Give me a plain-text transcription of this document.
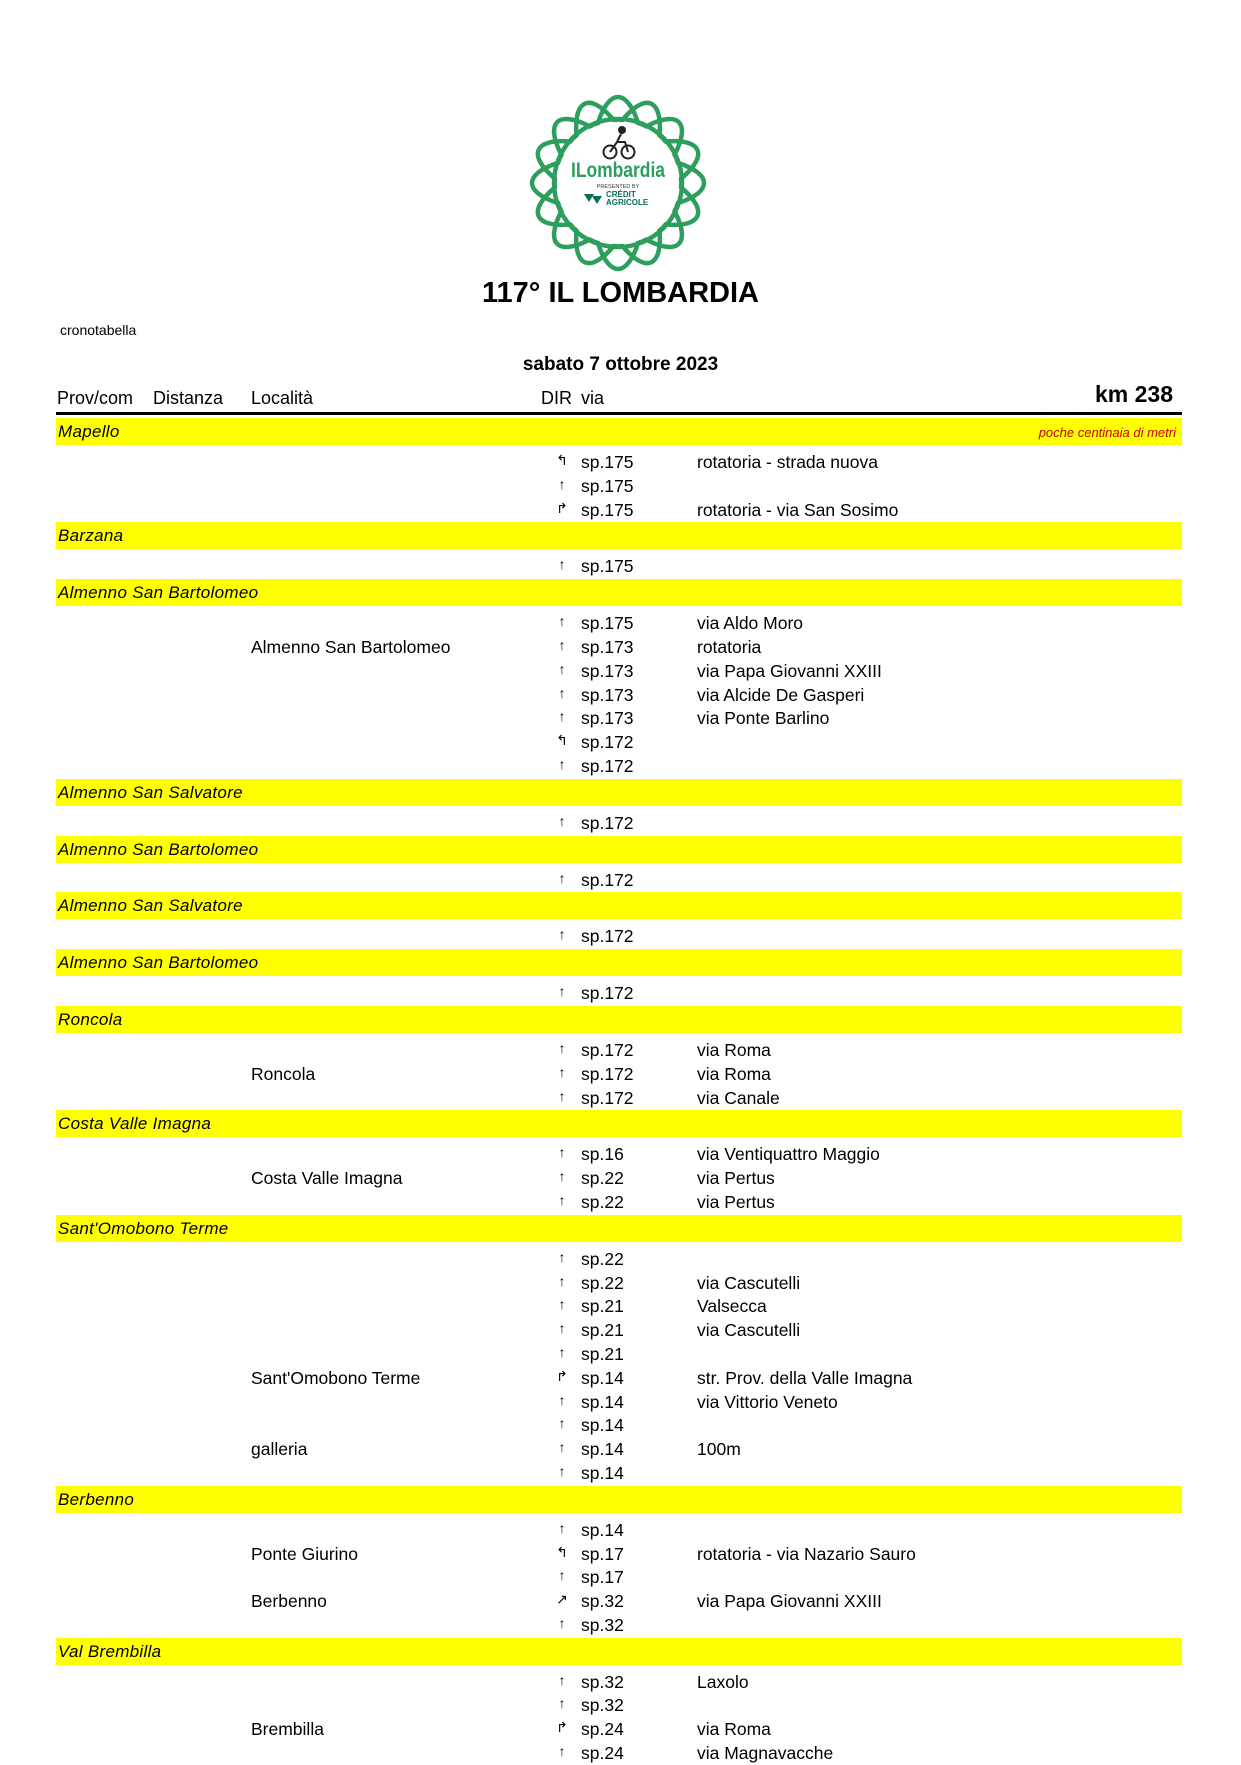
ILombardia
PRESENTED BY
CRÉDIT
AGRICOLE
117° IL LOMBARDIA
cronotabella
sabato 7 ottobre 2023
Prov/com Distanza Località	DIR via	km 238
Mapello	poche centinaia di metri
↰ sp.175	rotatoria - strada nuova
↑ sp.175
↱ sp.175	rotatoria - via San Sosimo
Barzana
↑ sp.175
Almenno San Bartolomeo
↑ sp.175	via Aldo Moro
Almenno San Bartolomeo	↑ sp.173	rotatoria
↑ sp.173	via Papa Giovanni XXIII
↑ sp.173	via Alcide De Gasperi
↑ sp.173	via Ponte Barlino
↰ sp.172
↑ sp.172
Almenno San Salvatore
↑ sp.172
Almenno San Bartolomeo
↑ sp.172
Almenno San Salvatore
↑ sp.172
Almenno San Bartolomeo
↑ sp.172
Roncola
↑ sp.172	via Roma
Roncola	↑ sp.172	via Roma
↑ sp.172	via Canale
Costa Valle Imagna
↑ sp.16	via Ventiquattro Maggio
Costa Valle Imagna	↑ sp.22	via Pertus
↑ sp.22	via Pertus
Sant'Omobono Terme
↑ sp.22
↑ sp.22	via Cascutelli
↑ sp.21	Valsecca
↑ sp.21	via Cascutelli
↑ sp.21
Sant'Omobono Terme	↱ sp.14	str. Prov. della Valle Imagna
↑ sp.14	via Vittorio Veneto
↑ sp.14
galleria	↑ sp.14	100m
↑ sp.14
Berbenno
↑ sp.14
Ponte Giurino	↰ sp.17	rotatoria - via Nazario Sauro
↑ sp.17
Berbenno	↗ sp.32	via Papa Giovanni XXIII
↑ sp.32
Val Brembilla
↑ sp.32	Laxolo
↑ sp.32
Brembilla	↱ sp.24	via Roma
↑ sp.24	via Magnavacche
